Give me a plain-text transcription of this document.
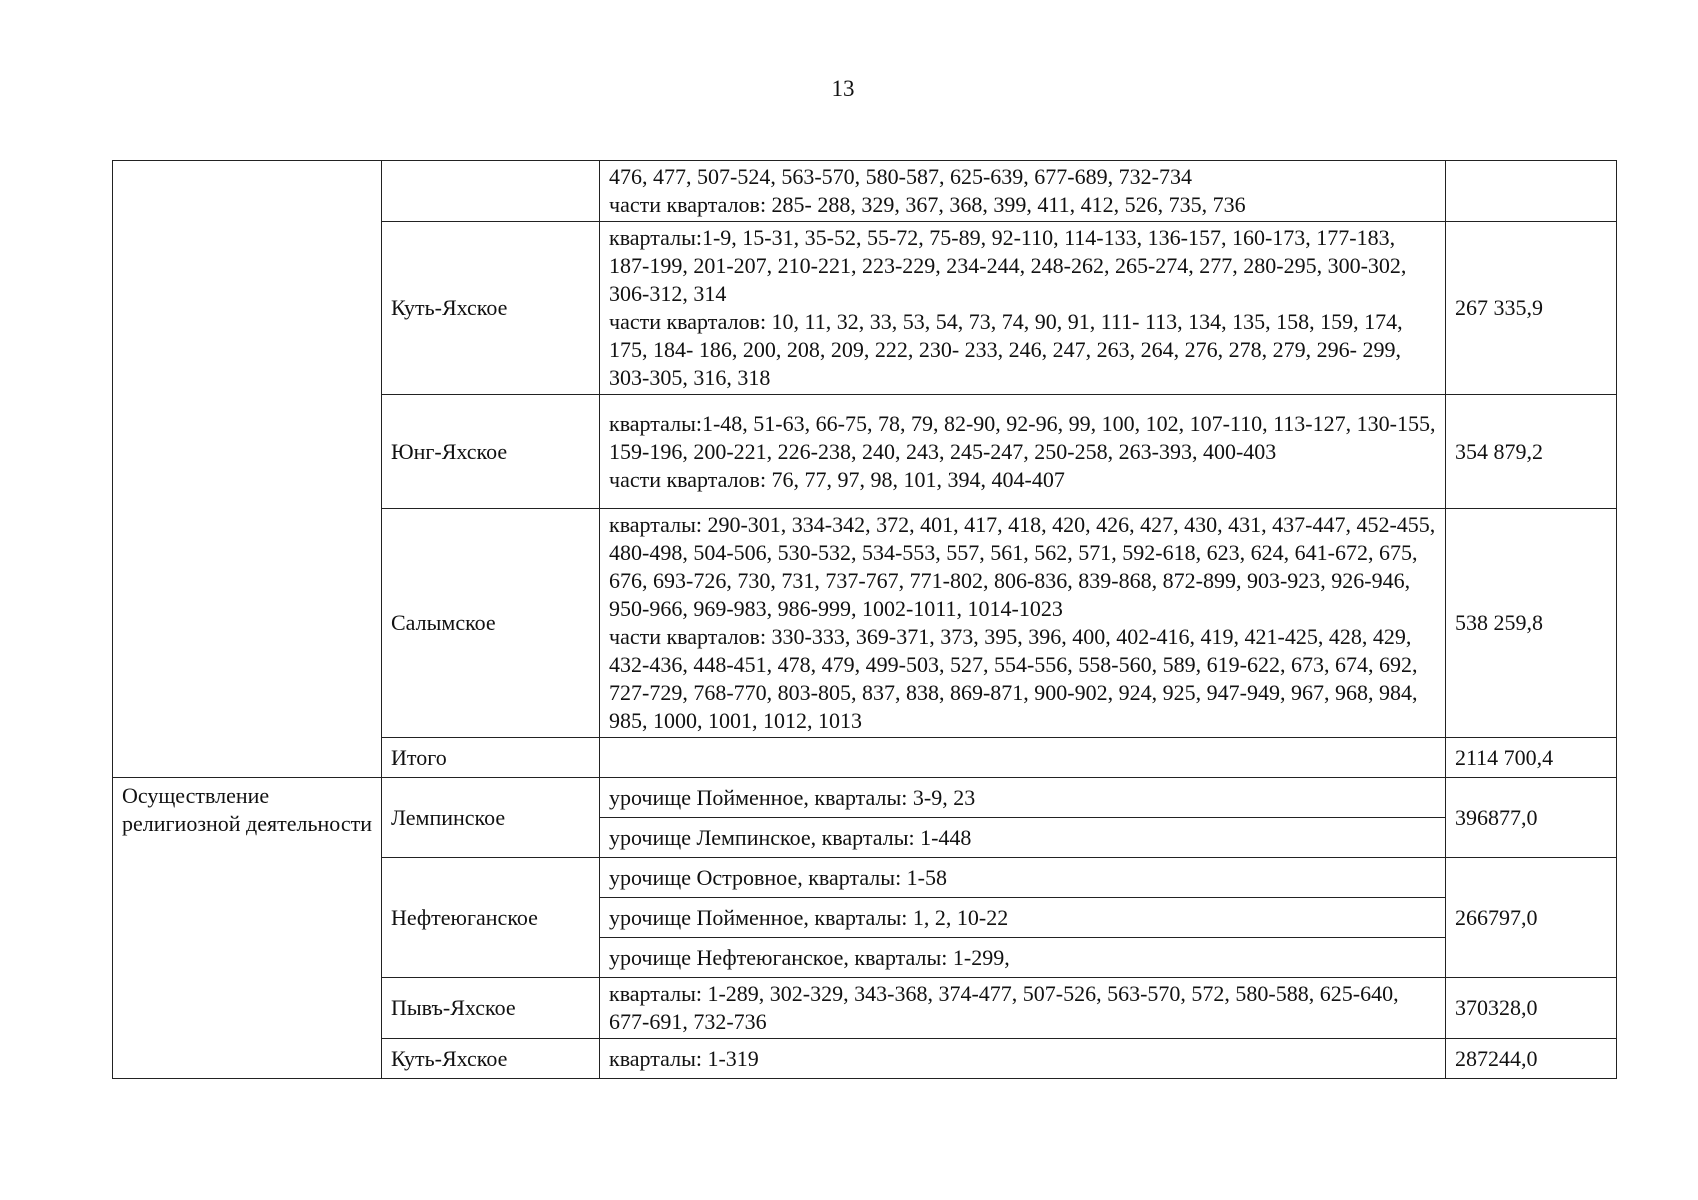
13

		476, 477, 507-524, 563-570, 580-587, 625-639, 677-689, 732-734
части кварталов: 285- 288, 329, 367, 368, 399, 411, 412, 526, 735, 736	

	Куть-Яхское	кварталы:1-9, 15-31, 35-52, 55-72, 75-89, 92-110, 114-133, 136-157, 160-173, 177-183, 187-199, 201-207, 210-221, 223-229, 234-244, 248-262, 265-274, 277, 280-295, 300-302, 306-312, 314
части кварталов: 10, 11, 32, 33, 53, 54, 73, 74, 90, 91, 111- 113, 134, 135, 158, 159, 174, 175, 184- 186, 200, 208, 209, 222, 230- 233, 246, 247, 263, 264, 276, 278, 279, 296- 299, 303-305, 316, 318	267 335,9
	Юнг-Яхское	кварталы:1-48, 51-63, 66-75, 78, 79, 82-90, 92-96, 99, 100, 102, 107-110, 113-127, 130-155, 159-196, 200-221, 226-238, 240, 243, 245-247, 250-258, 263-393, 400-403
части кварталов: 76, 77, 97, 98, 101, 394, 404-407	354 879,2
	Салымское	кварталы: 290-301, 334-342, 372, 401, 417, 418, 420, 426, 427, 430, 431, 437-447, 452-455, 480-498, 504-506, 530-532, 534-553, 557, 561, 562, 571, 592-618, 623, 624, 641-672, 675, 676, 693-726, 730, 731, 737-767, 771-802, 806-836, 839-868, 872-899, 903-923, 926-946, 950-966, 969-983, 986-999, 1002-1011, 1014-1023
части кварталов: 330-333, 369-371, 373, 395, 396, 400, 402-416, 419, 421-425, 428, 429, 432-436, 448-451, 478, 479, 499-503, 527, 554-556, 558-560, 589, 619-622, 673, 674, 692, 727-729, 768-770, 803-805, 837, 838, 869-871, 900-902, 924, 925, 947-949, 967, 968, 984, 985, 1000, 1001, 1012, 1013	538 259,8
	Итого		2114 700,4
Осуществление религиозной деятельности	Лемпинское	урочище Пойменное, кварталы: 3-9, 23	396877,0
		урочище Лемпинское, кварталы: 1-448	
	Нефтеюганское	урочище Островное, кварталы: 1-58	266797,0
		урочище Пойменное, кварталы: 1, 2, 10-22	
		урочище Нефтеюганское, кварталы: 1-299,	
	Пывъ-Яхское	кварталы: 1-289, 302-329, 343-368, 374-477, 507-526, 563-570, 572, 580-588, 625-640, 677-691, 732-736	370328,0
	Куть-Яхское	кварталы: 1-319	287244,0
